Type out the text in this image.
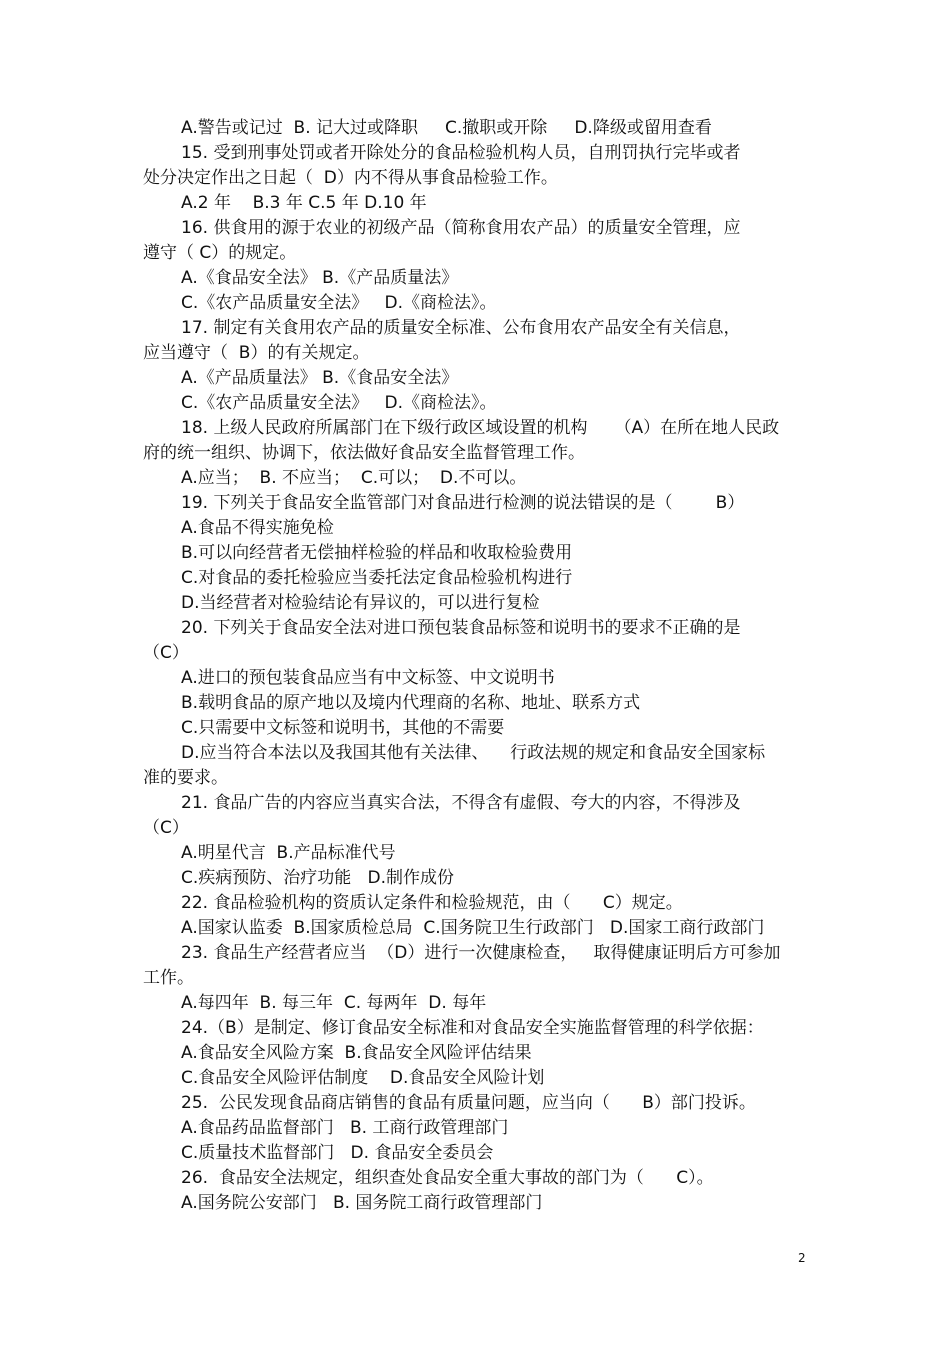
A.警告或记过  B. 记大过或降职     C.撤职或开除     D.降级或留用查看
15. 受到刑事处罚或者开除处分的食品检验机构人员，自刑罚执行完毕或者
处分决定作出之日起（  D）内不得从事食品检验工作。
A.2 年    B.3 年 C.5 年 D.10 年
16. 供食用的源于农业的初级产品（简称食用农产品）的质量安全管理，应
遵守（ C）的规定。
A.《食品安全法》 B.《产品质量法》
C.《农产品质量安全法》   D.《商检法》。
17. 制定有关食用农产品的质量安全标准、公布食用农产品安全有关信息，
应当遵守（  B）的有关规定。
A.《产品质量法》 B.《食品安全法》
C.《农产品质量安全法》   D.《商检法》。
18. 上级人民政府所属部门在下级行政区域设置的机构     （A）在所在地人民政
府的统一组织、协调下，依法做好食品安全监督管理工作。
A.应当；  B. 不应当；  C.可以；  D.不可以。
19. 下列关于食品安全监管部门对食品进行检测的说法错误的是（        B）
A.食品不得实施免检
B.可以向经营者无偿抽样检验的样品和收取检验费用
C.对食品的委托检验应当委托法定食品检验机构进行
D.当经营者对检验结论有异议的，可以进行复检
20. 下列关于食品安全法对进口预包装食品标签和说明书的要求不正确的是
（C）
A.进口的预包装食品应当有中文标签、中文说明书
B.载明食品的原产地以及境内代理商的名称、地址、联系方式
C.只需要中文标签和说明书，其他的不需要
D.应当符合本法以及我国其他有关法律、    行政法规的规定和食品安全国家标
准的要求。
21. 食品广告的内容应当真实合法，不得含有虚假、夸大的内容，不得涉及
（C）
A.明星代言  B.产品标准代号
C.疾病预防、治疗功能   D.制作成份
22. 食品检验机构的资质认定条件和检验规范，由（      C）规定。
A.国家认监委  B.国家质检总局  C.国务院卫生行政部门   D.国家工商行政部门
23. 食品生产经营者应当  （D）进行一次健康检查，   取得健康证明后方可参加
工作。
A.每四年  B. 每三年  C. 每两年  D. 每年
24.（B）是制定、修订食品安全标准和对食品安全实施监督管理的科学依据：
A.食品安全风险方案  B.食品安全风险评估结果
C.食品安全风险评估制度    D.食品安全风险计划
25.  公民发现食品商店销售的食品有质量问题，应当向（      B）部门投诉。
A.食品药品监督部门   B. 工商行政管理部门
C.质量技术监督部门   D. 食品安全委员会
26.  食品安全法规定，组织查处食品安全重大事故的部门为（      C）。
A.国务院公安部门   B. 国务院工商行政管理部门
2
